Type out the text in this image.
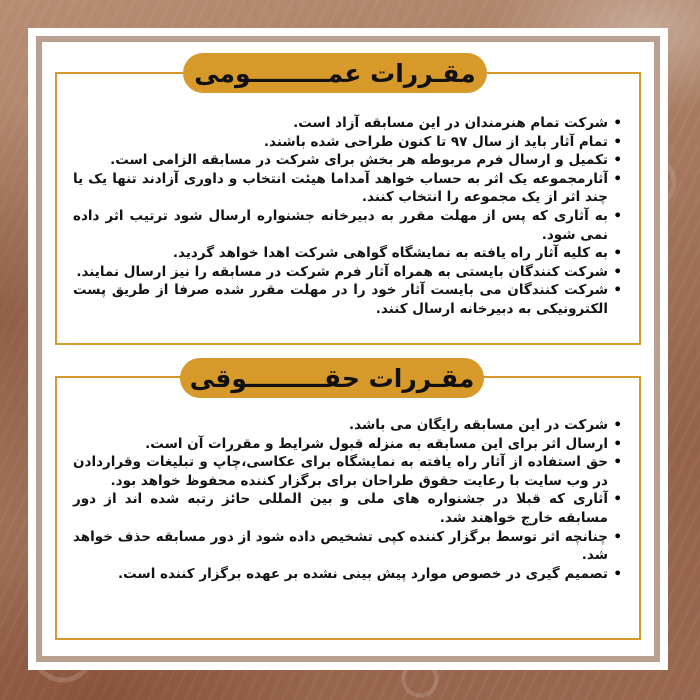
• شرکت تمام هنرمندان در این مسابقه آزاد است.
• تمام آثار باید از سال ۹۷ تا کنون طراحی شده باشند.
• تکمیل و ارسال فرم مربوطه هر بخش برای شرکت در مسابقه الزامی است.
• آثارمجموعه یک اثر به حساب خواهد آمداما هیئت انتخاب و داوری آزادند تنها یک یا چند اثر از یک مجموعه را انتخاب کنند.
• به آثاری که پس از مهلت مقرر به دبیرخانه جشنواره ارسال شود ترتیب اثر داده نمی شود.
• به کلیه آثار راه یافته به نمایشگاه گواهی شرکت اهدا خواهد گردید.
• شرکت کنندگان بایستی به همراه آثار فرم شرکت در مسابقه را نیز ارسال نمایند.
• شرکت کنندگان می بایست آثار خود را در مهلت مقرر شده صرفا از طریق پست الکترونیکی به دبیرخانه ارسال کنند.
• شرکت در این مسابقه رایگان می باشد.
• ارسال اثر برای این مسابقه به منزله قبول شرایط و مقررات آن است.
• حق استفاده از آثار راه یافته به نمایشگاه برای عکاسی،چاپ و تبلیغات وقراردادن در وب سایت با رعایت حقوق طراحان برای برگزار کننده محفوظ خواهد بود.
• آثاری که قبلا در جشنواره های ملی و بین المللی حائز رتبه شده اند از دور مسابقه خارج خواهند شد.
• چنانچه اثر توسط برگزار کننده کپی تشخیص داده شود از دور مسابقه حذف خواهد شد.
• تصمیم گیری در خصوص موارد پیش بینی نشده بر عهده برگزار کننده است.
مقـررات عمـــــــــومی
مقـررات حقـــــــــوقی
